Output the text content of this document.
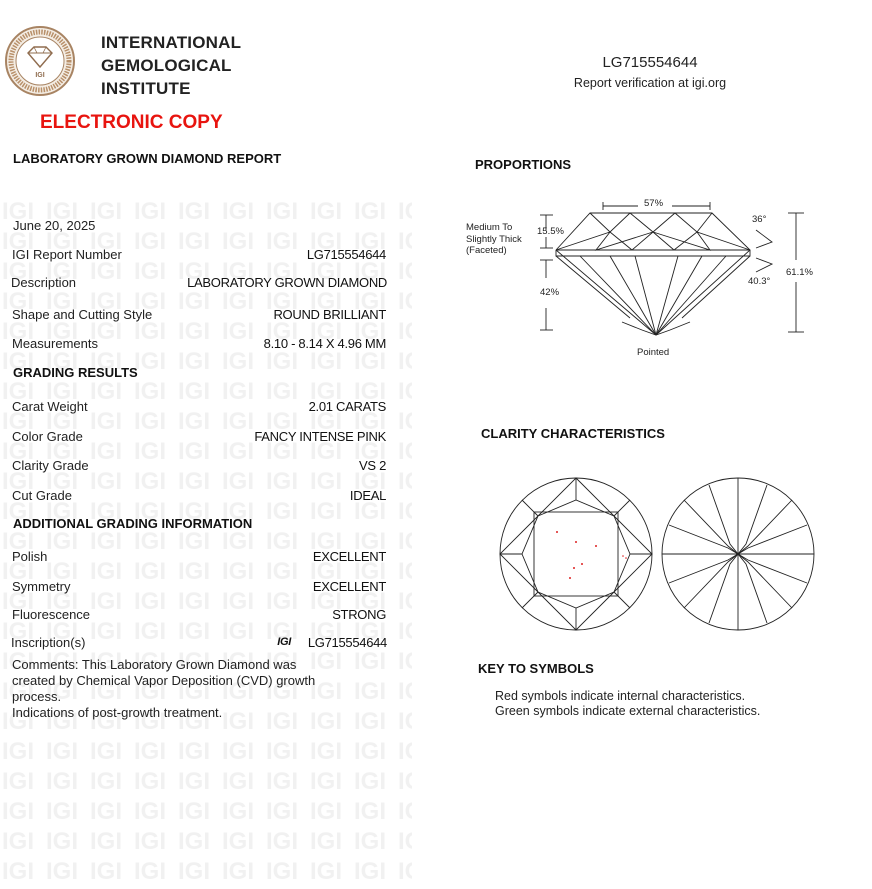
IGI
INTERNATIONAL
GEMOLOGICAL
INSTITUTE
ELECTRONIC COPY
LG715554644
Report verification at igi.org
LABORATORY GROWN DIAMOND REPORT
June 20, 2025
IGI Report Number	LG715554644
Description	LABORATORY GROWN DIAMOND
Shape and Cutting Style	ROUND BRILLIANT
Measurements	8.10 - 8.14 X 4.96 MM
GRADING RESULTS
Carat Weight	2.01 CARATS
Color Grade	FANCY INTENSE PINK
Clarity Grade	VS 2
Cut Grade	IDEAL
ADDITIONAL GRADING INFORMATION
Polish	EXCELLENT
Symmetry	EXCELLENT
Fluorescence	STRONG
Inscription(s)	IGI LG715554644
Comments: This Laboratory Grown Diamond was
created by Chemical Vapor Deposition (CVD) growth
process.
Indications of post-growth treatment.
PROPORTIONS
57%
36°
15.5%
Medium To
Slightly Thick
(Faceted)
61.1%
40.3°
42%
Pointed
CLARITY CHARACTERISTICS
KEY TO SYMBOLS
Red symbols indicate internal characteristics.
Green symbols indicate external characteristics.
